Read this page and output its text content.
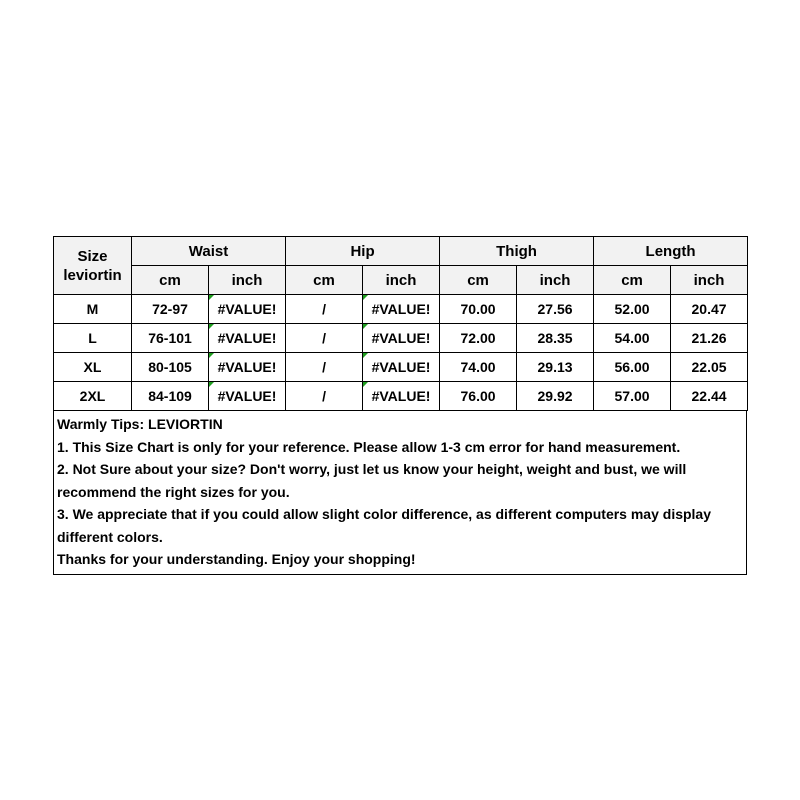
Size
leviortin	Waist		Hip		Thigh		Length	
	cm	inch	cm	inch	cm	inch	cm	inch
M	72-97	#VALUE!	/	#VALUE!	70.00	27.56	52.00	20.47
L	76-101	#VALUE!	/	#VALUE!	72.00	28.35	54.00	21.26
XL	80-105	#VALUE!	/	#VALUE!	74.00	29.13	56.00	22.05
2XL	84-109	#VALUE!	/	#VALUE!	76.00	29.92	57.00	22.44
Warmly Tips: LEVIORTIN
1. This Size Chart is only for your reference. Please allow 1-3 cm error for hand measurement.
2. Not Sure about your size? Don't worry, just let us know your height, weight and bust, we will recommend the right sizes for you.
3. We appreciate that if you could allow slight color difference, as different computers may display different colors.
Thanks for your understanding. Enjoy your shopping!
